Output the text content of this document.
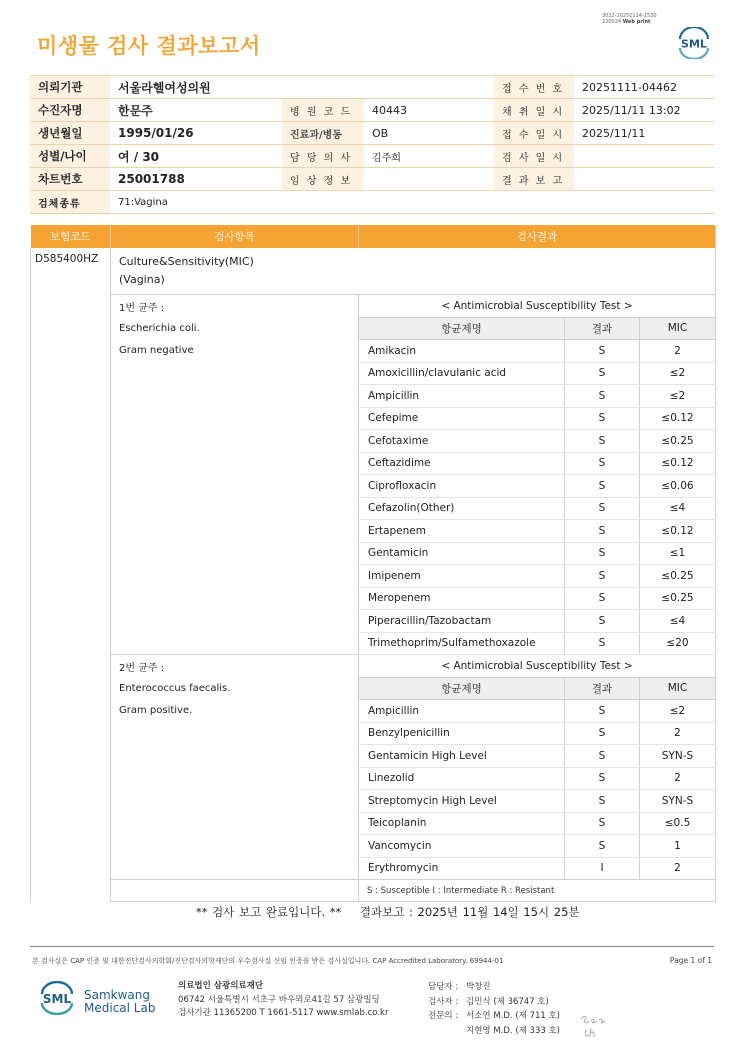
3022-20251114-1530
220024 Web print
미생물 검사 결과보고서	SML
의뢰기관	서울라헬여성의원			접 수 번 호	20251111-04462
수진자명	한문주	병 원 코 드	40443	채 취 일 시	2025/11/11 13:02
생년월일	1995/01/26	진료과/병동	OB	접 수 일 시	2025/11/11
성별/나이	여 / 30	담 당 의 사	김주희	검 사 일 시	
차트번호	25001788	임 상 정 보		결 과 보 고	
검체종류	71:Vagina				
보험코드	검사항목	검사결과		
D585400HZ	Culture&Sensitivity(MIC)
(Vagina)			

	1번 균주 :	< Antimicrobial Susceptibility Test >		
	Escherichia coli.	항균제명	결과	MIC
	Gram negative	Amikacin	S	2
		Amoxicillin/clavulanic acid	S	≤2
		Ampicillin	S	≤2
		Cefepime	S	≤0.12
		Cefotaxime	S	≤0.25
		Ceftazidime	S	≤0.12
		Ciprofloxacin	S	≤0.06
		Cefazolin(Other)	S	≤4
		Ertapenem	S	≤0.12
		Gentamicin	S	≤1
		Imipenem	S	≤0.25
		Meropenem	S	≤0.25
		Piperacillin/Tazobactam	S	≤4
		Trimethoprim/Sulfamethoxazole	S	≤20
	2번 균주 :	< Antimicrobial Susceptibility Test >		
	Enterococcus faecalis.	항균제명	결과	MIC
	Gram positive.	Ampicillin	S	≤2
		Benzylpenicillin	S	2
		Gentamicin High Level	S	SYN-S
		Linezolid	S	2
		Streptomycin High Level	S	SYN-S
		Teicoplanin	S	≤0.5
		Vancomycin	S	1
		Erythromycin	I	2
		S : Susceptible I : Intermediate R : Resistant		
** 검사 보고 완료입니다. ** 결과보고 : 2025년 11월 14일 15시 25분
본 검사실은 CAP 인증 및 대한진단검사의학회/진단검사의학재단의 우수검사실 신임 인증을 받은 검사실입니다. CAP Accredited Laboratory. 69944-01	Page 1 of 1
SML Samkwang
Medical Lab
의료법인 삼광의료재단
06742 서울특별시 서초구 바우뫼로41길 57 삼광빌딩
검사기관 11365200 T 1661-5117 www.smlab.co.kr
담당자 : 박창진
검사자 : 김민식 (제 36747 호)
전문의 : 서소연 M.D. (제 711 호)
지현영 M.D. (제 333 호)
